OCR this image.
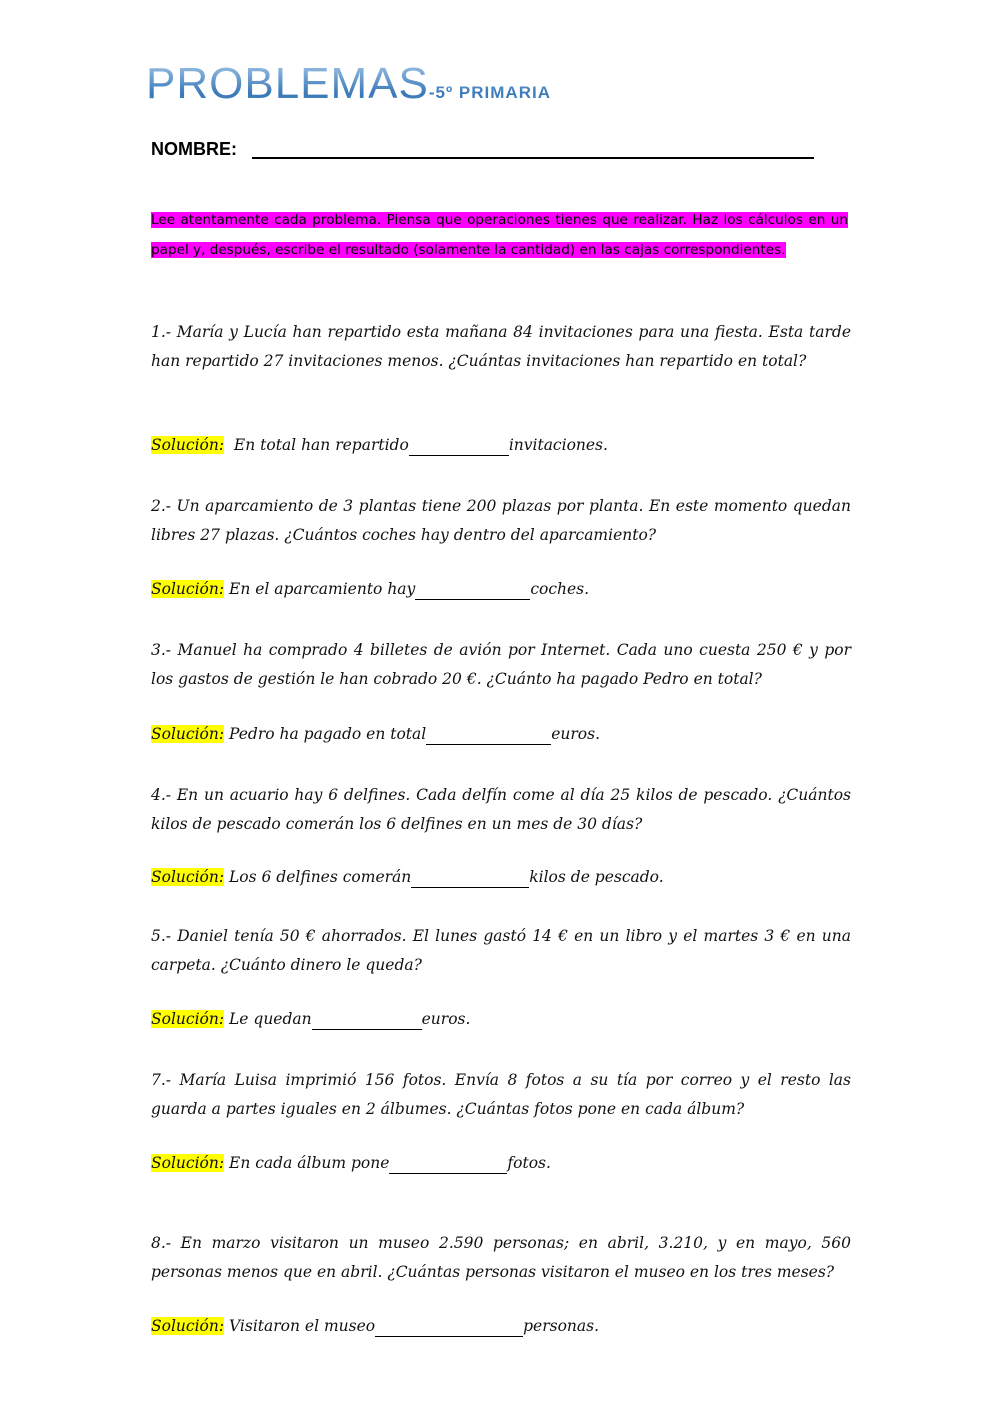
PROBLEMAS-5º PRIMARIA
NOMBRE:
Lee atentamente cada problema. Piensa que operaciones tienes que realizar. Haz los cálculos en un papel y, después, escribe el resultado (solamente la cantidad) en las cajas correspondientes.
1.- María y Lucía han repartido esta mañana 84 invitaciones para una fiesta. Esta tarde han repartido 27 invitaciones menos. ¿Cuántas invitaciones han repartido en total?
Solución:  En total han repartido	invitaciones.
2.- Un aparcamiento de 3 plantas tiene 200 plazas por planta. En este momento quedan libres 27 plazas. ¿Cuántos coches hay dentro del aparcamiento?
Solución: En el aparcamiento hay	coches.
3.- Manuel ha comprado 4 billetes de avión por Internet. Cada uno cuesta 250 € y por los gastos de gestión le han cobrado 20 €. ¿Cuánto ha pagado Pedro en total?
Solución: Pedro ha pagado en total	euros.
4.- En un acuario hay 6 delfines. Cada delfín come al día 25 kilos de pescado. ¿Cuántos kilos de pescado comerán los 6 delfines en un mes de 30 días?
Solución: Los 6 delfines comerán	kilos de pescado.
5.- Daniel tenía 50 € ahorrados. El lunes gastó 14 € en un libro y el martes 3 € en una carpeta. ¿Cuánto dinero le queda?
Solución: Le quedan	euros.
7.- María Luisa imprimió 156 fotos. Envía 8 fotos a su tía por correo y el resto las guarda a partes iguales en 2 álbumes. ¿Cuántas fotos pone en cada álbum?
Solución: En cada álbum pone	fotos.
8.- En marzo visitaron un museo 2.590 personas; en abril, 3.210, y en mayo, 560 personas menos que en abril. ¿Cuántas personas visitaron el museo en los tres meses?
Solución: Visitaron el museo	personas.
